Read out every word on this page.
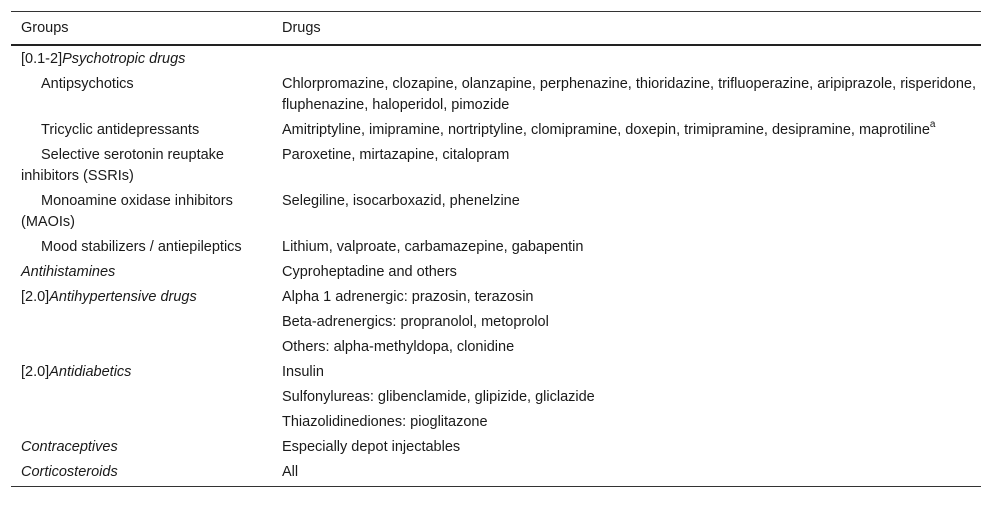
Groups	Drugs
[0.1-2]Psychotropic drugs	
Antipsychotics	Chlorpromazine, clozapine, olanzapine, perphenazine, thioridazine, trifluoperazine, aripiprazole, risperidone, fluphenazine, haloperidol, pimozide
Tricyclic antidepressants	Amitriptyline, imipramine, nortriptyline, clomipramine, doxepin, trimipramine, desipramine, maprotiline$^a$
Selective serotonin reuptake inhibitors (SSRIs)	Paroxetine, mirtazapine, citalopram
Monoamine oxidase inhibitors (MAOIs)	Selegiline, isocarboxazid, phenelzine
Mood stabilizers / antiepileptics	Lithium, valproate, carbamazepine, gabapentin
Antihistamines	Cyproheptadine and others
[2.0]Antihypertensive drugs	Alpha 1 adrenergic: prazosin, terazosin
	Beta-adrenergics: propranolol, metoprolol
	Others: alpha-methyldopa, clonidine
[2.0]Antidiabetics	Insulin
	Sulfonylureas: glibenclamide, glipizide, gliclazide
	Thiazolidinediones: pioglitazone
Contraceptives	Especially depot injectables
Corticosteroids	All
